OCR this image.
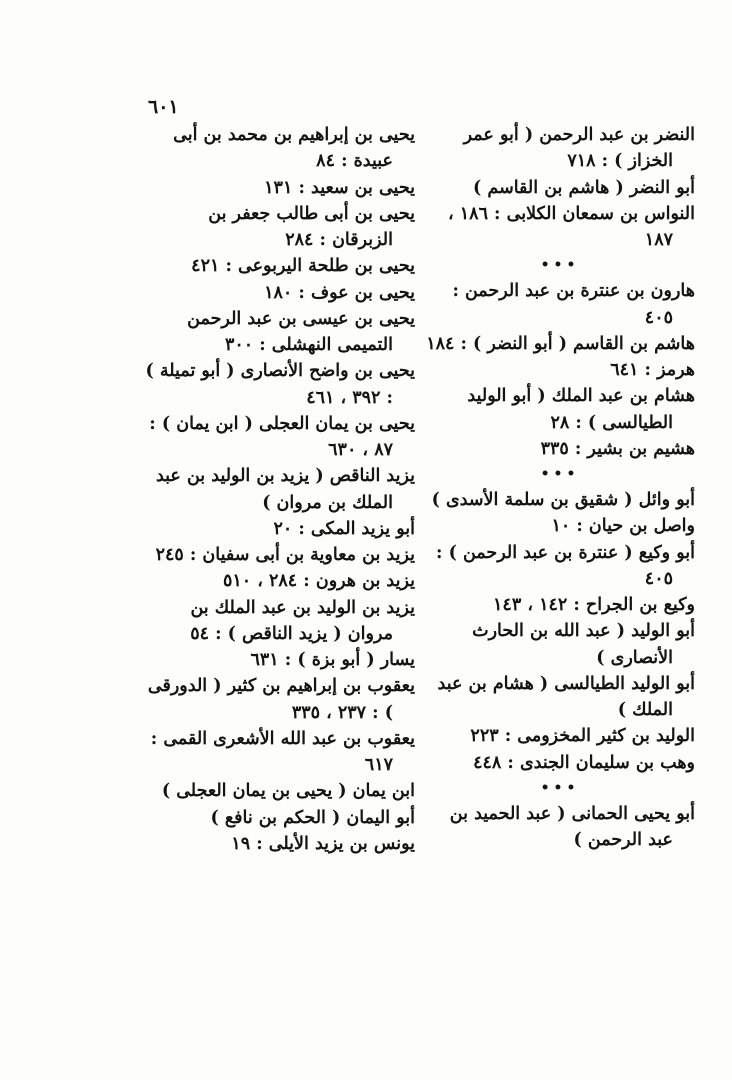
٦٠١

النضر بن عبد الرحمن ( أبو عمر الخزاز ) : ٧١٨

أبو النضر ( هاشم بن القاسم )

النواس بن سمعان الكلابى : ١٨٦ ، ١٨٧

•••

هارون بن عنترة بن عبد الرحمن : ٤٠٥

هاشم بن القاسم ( أبو النضر ) : ١٨٤

هرمز : ٦٤١

هشام بن عبد الملك ( أبو الوليد الطيالسى ) : ٢٨

هشيم بن بشير : ٣٣٥

•••

أبو وائل ( شقيق بن سلمة الأسدى )

واصل بن حيان : ١٠

أبو وكيع ( عنترة بن عبد الرحمن ) : ٤٠٥

وكيع بن الجراح : ١٤٢ ، ١٤٣

أبو الوليد ( عبد الله بن الحارث الأنصارى )

أبو الوليد الطيالسى ( هشام بن عبد الملك )

الوليد بن كثير المخزومى : ٢٢٣

وهب بن سليمان الجندى : ٤٤٨

•••

أبو يحيى الحمانى ( عبد الحميد بن عبد الرحمن )

يحيى بن إبراهيم بن محمد بن أبى عبيدة : ٨٤

يحيى بن سعيد : ١٣١

يحيى بن أبى طالب جعفر بن الزبرقان : ٢٨٤

يحيى بن طلحة اليربوعى : ٤٢١

يحيى بن عوف : ١٨٠

يحيى بن عيسى بن عبد الرحمن التميمى النهشلى : ٣٠٠

يحيى بن واضح الأنصارى ( أبو تميلة ) : ٣٩٢ ، ٤٦١

يحيى بن يمان العجلى ( ابن يمان ) : ٨٧ ، ٦٣٠

يزيد الناقص ( يزيد بن الوليد بن عبد الملك بن مروان )

أبو يزيد المكى : ٢٠

يزيد بن معاوية بن أبى سفيان : ٢٤٥

يزيد بن هرون : ٢٨٤ ، ٥١٠

يزيد بن الوليد بن عبد الملك بن مروان ( يزيد الناقص ) : ٥٤

يسار ( أبو بزة ) : ٦٣١

يعقوب بن إبراهيم بن كثير ( الدورقى ) : ٢٣٧ ، ٣٣٥

يعقوب بن عبد الله الأشعرى القمى : ٦١٧

ابن يمان ( يحيى بن يمان العجلى )

أبو اليمان ( الحكم بن نافع )

يونس بن يزيد الأيلى : ١٩
